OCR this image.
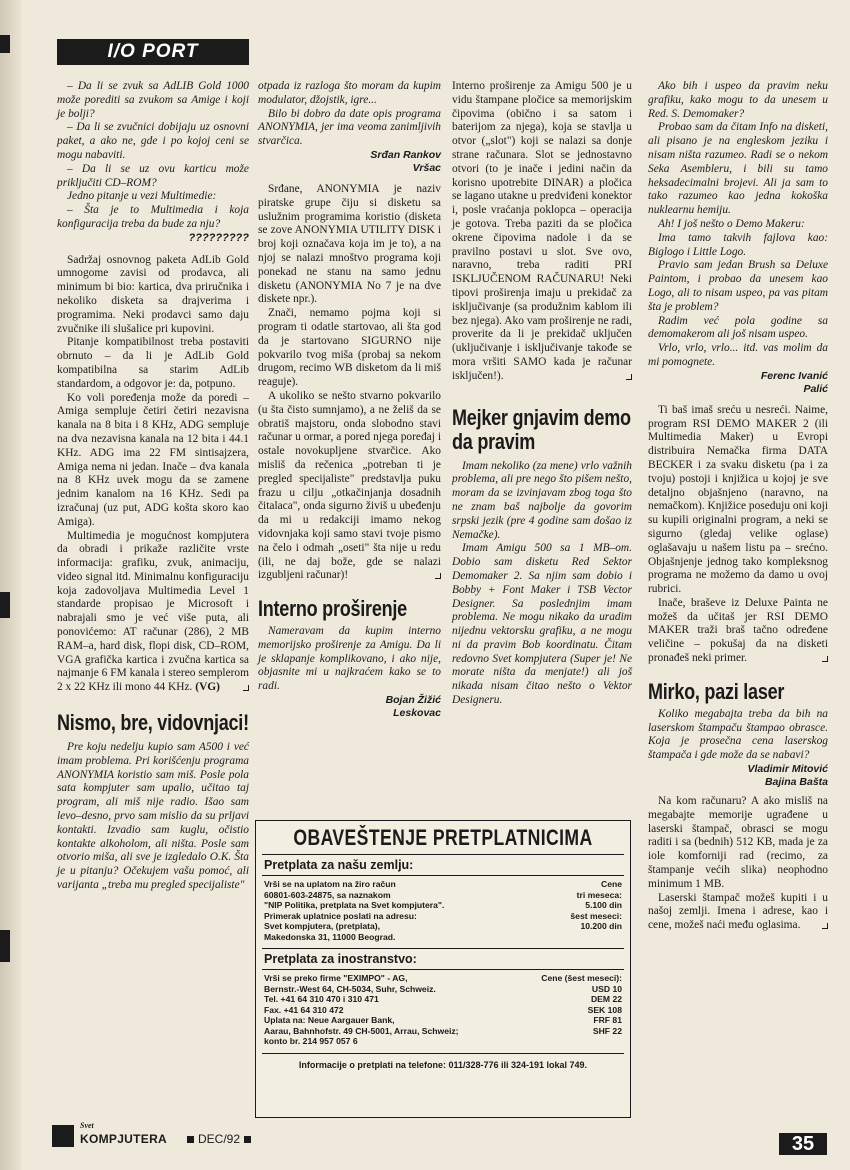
I/O PORT

– Da li se zvuk sa AdLIB Gold 1000 može porediti sa zvukom sa Amige i koji je bolji?

– Da li se zvučnici dobijaju uz osnovni paket, a ako ne, gde i po kojoj ceni se mogu nabaviti.

– Da li se uz ovu karticu može priključiti CD–ROM?

Jedno pitanje u vezi Multimedie:

– Šta je to Multimedia i koja konfiguracija treba da bude za nju?

?????????

Sadržaj osnovnog paketa AdLib Gold umnogome zavisi od prodavca, ali minimum bi bio: kartica, dva priručnika i nekoliko disketa sa drajverima i programima. Neki prodavci samo daju zvučnike ili slušalice pri kupovini.

Pitanje kompatibilnost treba postaviti obrnuto – da li je AdLib Gold kompatibilna sa starim AdLib standardom, a odgovor je: da, potpuno.

Ko voli poređenja može da poredi – Amiga sempluje četiri četiri nezavisna kanala na 8 bita i 8 KHz, ADG sempluje na dva nezavisna kanala na 12 bita i 44.1 KHz. ADG ima 22 FM sintisajzera, Amiga nema ni jedan. Inače – dva kanala na 8 KHz uvek mogu da se zamene jednim kanalom na 16 KHz. Sedi pa izračunaj (uz put, ADG košta skoro kao Amiga).

Multimedia je mogućnost kompjutera da obradi i prikaže različite vrste informacija: grafiku, zvuk, animaciju, video signal itd. Minimalnu konfiguraciju koja zadovoljava Multimedia Level 1 standarde propisao je Microsoft i nabrajali smo je već više puta, ali ponovićemo: AT računar (286), 2 MB RAM–a, hard disk, flopi disk, CD–ROM, VGA grafička kartica i zvučna kartica sa najmanje 6 FM kanala i stereo semplerom 2 x 22 KHz ili mono 44 KHz. (VG)

Nismo, bre, vidovnjaci!

Pre koju nedelju kupio sam A500 i već imam problema. Pri korišćenju programa ANONYMIA koristio sam miš. Posle pola sata kompjuter sam upalio, učitao taj program, ali miš nije radio. Išao sam levo–desno, prvo sam mislio da su prljavi kontakti. Izvadio sam kuglu, očistio kontakte alkoholom, ali ništa. Posle sam otvorio miša, ali sve je izgledalo O.K. Šta je u pitanju? Očekujem vašu pomoć, ali varijanta „treba mu pregled specijaliste"

otpada iz razloga što moram da kupim modulator, džojstik, igre...

Bilo bi dobro da date opis programa ANONYMIA, jer ima veoma zanimljivih stvarčica.

Srđan Rankov

Vršac

Srđane, ANONYMIA je naziv piratske grupe čiju si disketu sa uslužnim programima koristio (disketa se zove ANONYMIA UTILITY DISK i broj koji označava koja im je to), a na njoj se nalazi mnoštvo programa koji ponekad ne stanu na samo jednu disketu (ANONYMIA No 7 je na dve diskete npr.).

Znači, nemamo pojma koji si program ti odatle startovao, ali šta god da je startovano SIGURNO nije pokvarilo tvog miša (probaj sa nekom drugom, recimo WB disketom da li miš reaguje).

A ukoliko se nešto stvarno pokvarilo (u šta čisto sumnjamo), a ne želiš da se obratiš majstoru, onda slobodno stavi računar u ormar, a pored njega poređaj i ostale novokupljene stvarčice. Ako misliš da rečenica „potreban ti je pregled specijaliste" predstavlja puku frazu u cilju „otkačinjanja dosadnih čitalaca", onda sigurno živiš u ubeđenju da mi u redakciji imamo nekog vidovnjaka koji samo stavi tvoje pismo na čelo i odmah „oseti" šta nije u redu (ili, ne daj bože, gde se nalazi izgubljeni računar)!

Interno proširenje

Nameravam da kupim interno memorijsko proširenje za Amigu. Da li je sklapanje komplikovano, i ako nije, objasnite mi u najkraćem kako se to radi.

Bojan Žižić

Leskovac

Interno proširenje za Amigu 500 je u vidu štampane pločice sa memorijskim čipovima (obično i sa satom i baterijom za njega), koja se stavlja u otvor („slot") koji se nalazi sa donje strane računara. Slot se jednostavno otvori (to je inače i jedini način da korisno upotrebite DINAR) a pločica se lagano utakne u predviđeni konektor i, posle vraćanja poklopca – operacija je gotova. Treba paziti da se pločica okrene čipovima nadole i da se pravilno postavi u slot. Sve ovo, naravno, treba raditi PRI ISKLJUČENOM RAČUNARU! Neki tipovi proširenja imaju u prekidač za isključivanje (sa produžnim kablom ili bez njega). Ako vam proširenje ne radi, proverite da li je prekidač uključen (uključivanje i isključivanje takođe se mora vršiti SAMO kada je računar isključen!).

Mejker gnjavim demo da pravim

Imam nekoliko (za mene) vrlo važnih problema, ali pre nego što pišem nešto, moram da se izvinjavam zbog toga što ne znam baš najbolje da govorim srpski jezik (pre 4 godine sam došao iz Nemačke).

Imam Amigu 500 sa 1 MB–om. Dobio sam disketu Red Sektor Demomaker 2. Sa njim sam dobio i Bobby + Font Maker i TSB Vector Designer. Sa poslednjim imam problema. Ne mogu nikako da uradim nijednu vektorsku grafiku, a ne mogu ni da pravim Bob koordinatu. Čitam redovno Svet kompjutera (Super je! Ne morate ništa da menjate!) ali još nikada nisam čitao nešto o Vektor Designeru.

Ako bih i uspeo da pravim neku grafiku, kako mogu to da unesem u Red. S. Demomaker?

Probao sam da čitam Info na disketi, ali pisano je na engleskom jeziku i nisam ništa razumeo. Radi se o nekom Seka Asembleru, i bili su tamo heksadecimalni brojevi. Ali ja sam to tako razumeo kao jedna kokoška nuklearnu hemiju.

Ah! I još nešto o Demo Makeru:

Ima tamo takvih fajlova kao: Biglogo i Little Logo.

Pravio sam jedan Brush sa Deluxe Paintom, i probao da unesem kao Logo, ali to nisam uspeo, pa vas pitam šta je problem?

Radim već pola godine sa demomakerom ali još nisam uspeo.

Vrlo, vrlo, vrlo... itd. vas molim da mi pomognete.

Ferenc Ivanić

Palić

Ti baš imaš sreću u nesreći. Naime, program RSI DEMO MAKER 2 (ili Multimedia Maker) u Evropi distribuira Nemačka firma DATA BECKER i za svaku disketu (pa i za tvoju) postoji i knjižica u kojoj je sve detaljno objašnjeno (naravno, na nemačkom). Knjižice poseduju oni koji su kupili originalni program, a neki se sigurno (gledaj velike oglase) oglašavaju u našem listu pa – srećno. Objašnjenje jednog tako kompleksnog programa ne možemo da damo u ovoj rubrici.

Inače, braševe iz Deluxe Painta ne možeš da učitaš jer RSI DEMO MAKER traži braš tačno određene veličine – pokušaj da na disketi pronađeš neki primer.

Mirko, pazi laser

Koliko megabajta treba da bih na laserskom štampaču štampao obrasce. Koja je prosečna cena laserskog štampača i gde može da se nabavi?

Vladimir Mitović

Bajina Bašta

Na kom računaru? A ako misliš na megabajte memorije ugrađene u laserski štampač, obrasci se mogu raditi i sa (bednih) 512 KB, mada je za iole komforniji rad (recimo, za štampanje većih slika) neophodno minimum 1 MB.

Laserski štampač možeš kupiti i u našoj zemlji. Imena i adrese, kao i cene, možeš naći među oglasima.

OBAVEŠTENJE PRETPLATNICIMA
Pretplata za našu zemlju:
Vrši se na uplatom na žiro račun	Cene
60801-603-24875, sa naznakom	tri meseca:
"NIP Politika, pretplata na Svet kompjutera".	5.100 din
Primerak uplatnice poslati na adresu:	šest meseci:
Svet kompjutera, (pretplata),	10.200 din
Makedonska 31, 11000 Beograd.
Pretplata za inostranstvo:
Vrši se preko firme "EXIMPO" - AG,	Cene (šest meseci):
Bernstr.-West 64, CH-5034, Suhr, Schweiz.	USD 10
Tel. +41 64 310 470 i 310 471	DEM 22
Fax. +41 64 310 472	SEK 108
Uplata na: Neue Aargauer Bank,	FRF 81
Aarau, Bahnhofstr. 49 CH-5001, Arrau, Schweiz;	SHF 22
konto br. 214 957 057 6
Informacije o pretplati na telefone: 011/328-776 ili 324-191 lokal 749.
Svet
KOMPJUTERA	DEC/92	35
